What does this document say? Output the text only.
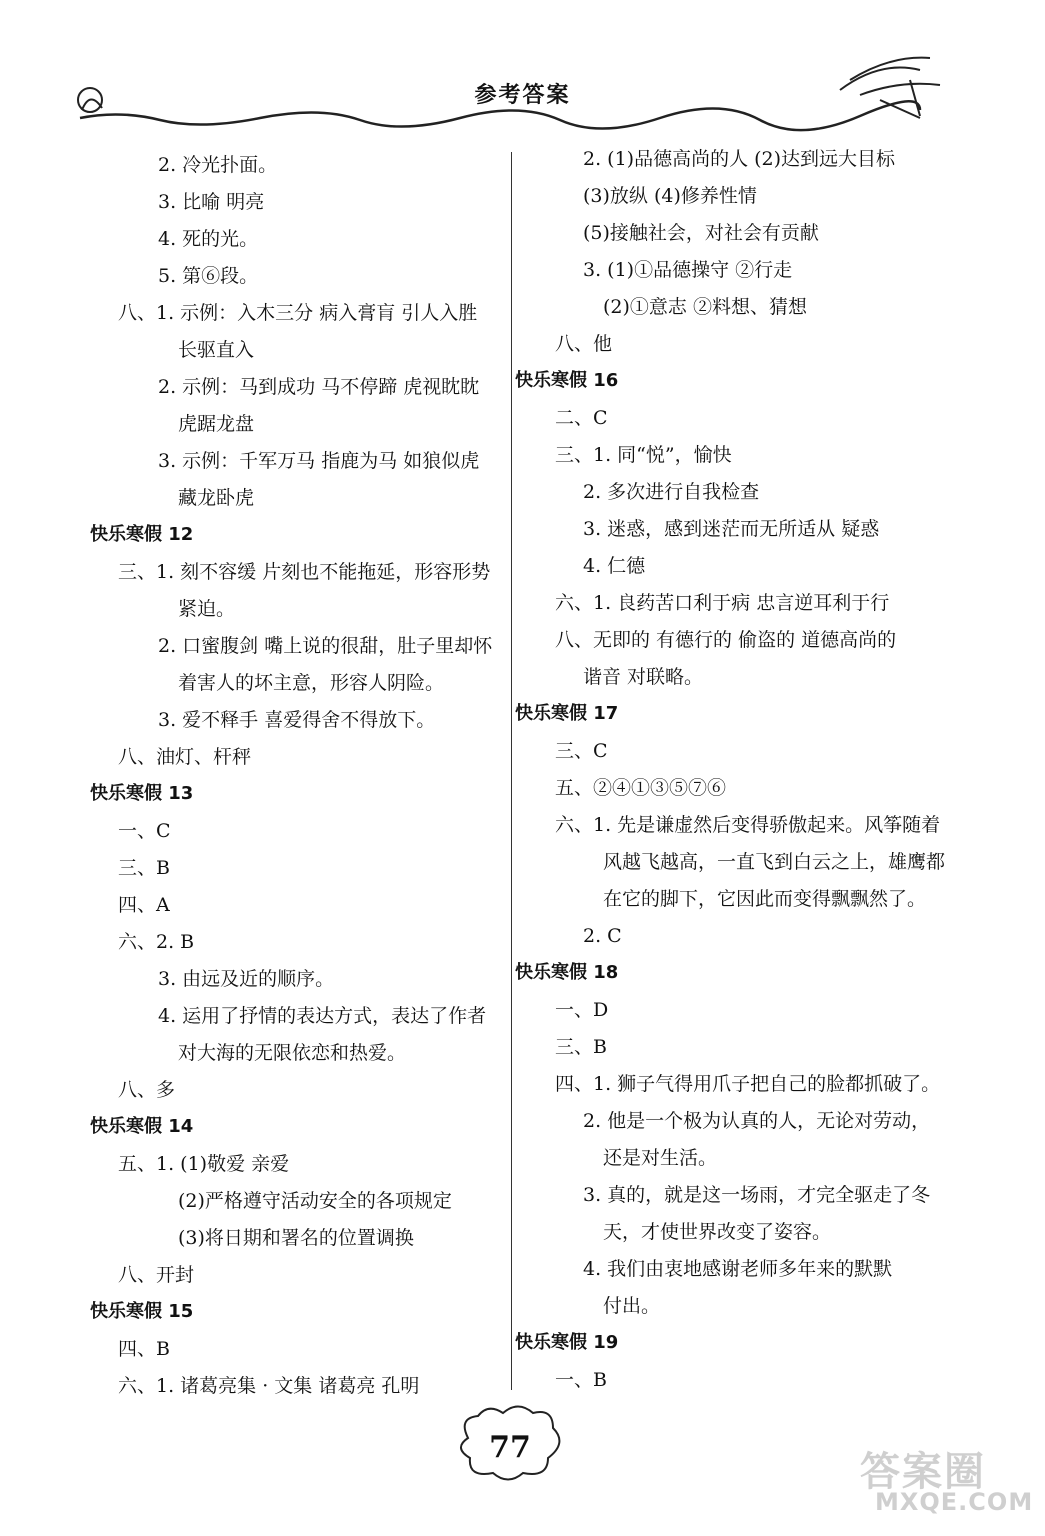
参考答案
2. 冷光扑面。
3. 比喻 明亮
4. 死的光。
5. 第⑥段。
八、1. 示例：入木三分 病入膏肓 引人入胜
长驱直入
2. 示例：马到成功 马不停蹄 虎视眈眈
虎踞龙盘
3. 示例：千军万马 指鹿为马 如狼似虎
藏龙卧虎
快乐寒假 12
三、1. 刻不容缓 片刻也不能拖延，形容形势
紧迫。
2. 口蜜腹剑 嘴上说的很甜，肚子里却怀
着害人的坏主意，形容人阴险。
3. 爱不释手 喜爱得舍不得放下。
八、油灯、杆秤
快乐寒假 13
一、C
三、B
四、A
六、2. B
3. 由远及近的顺序。
4. 运用了抒情的表达方式，表达了作者
对大海的无限依恋和热爱。
八、多
快乐寒假 14
五、1. (1)敬爱 亲爱
(2)严格遵守活动安全的各项规定
(3)将日期和署名的位置调换
八、开封
快乐寒假 15
四、B
六、1. 诸葛亮集 · 文集 诸葛亮 孔明
2. (1)品德高尚的人 (2)达到远大目标
(3)放纵 (4)修养性情
(5)接触社会，对社会有贡献
3. (1)①品德操守 ②行走
(2)①意志 ②料想、猜想
八、他
快乐寒假 16
二、C
三、1. 同“悦”，愉快
2. 多次进行自我检查
3. 迷惑，感到迷茫而无所适从 疑惑
4. 仁德
六、1. 良药苦口利于病 忠言逆耳利于行
八、无即的 有德行的 偷盗的 道德高尚的
谐音 对联略。
快乐寒假 17
三、C
五、②④①③⑤⑦⑥
六、1. 先是谦虚然后变得骄傲起来。风筝随着
风越飞越高，一直飞到白云之上，雄鹰都
在它的脚下，它因此而变得飘飘然了。
2. C
快乐寒假 18
一、D
三、B
四、1. 狮子气得用爪子把自己的脸都抓破了。
2. 他是一个极为认真的人，无论对劳动，
还是对生活。
3. 真的，就是这一场雨，才完全驱走了冬
天，才使世界改变了姿容。
4. 我们由衷地感谢老师多年来的默默
付出。
快乐寒假 19
一、B
77
答案圈
MXQE.COM
